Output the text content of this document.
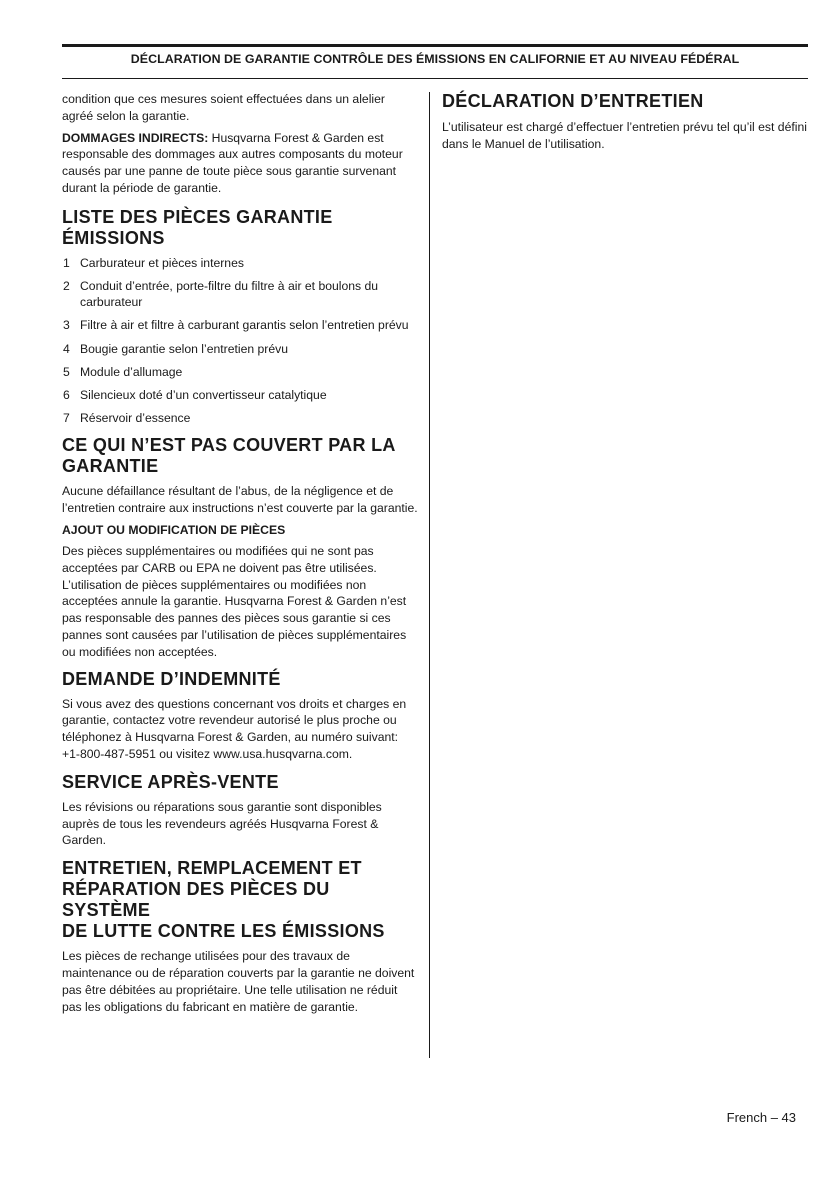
DÉCLARATION DE GARANTIE CONTRÔLE DES ÉMISSIONS EN CALIFORNIE ET AU NIVEAU FÉDÉRAL

condition que ces mesures soient effectuées dans un alelier agréé selon la garantie.

DOMMAGES INDIRECTS: Husqvarna Forest & Garden est responsable des dommages aux autres composants du moteur causés par une panne de toute pièce sous garantie survenant durant la période de garantie.

LISTE DES PIÈCES GARANTIE
ÉMISSIONS
1 Carburateur et pièces internes
2 Conduit d’entrée, porte-filtre du filtre à air et boulons du carburateur
3 Filtre à air et filtre à carburant garantis selon l’entretien prévu
4 Bougie garantie selon l’entretien prévu
5 Module d’allumage
6 Silencieux doté d’un convertisseur catalytique
7 Réservoir d’essence
CE QUI N’EST PAS COUVERT PAR LA
GARANTIE

Aucune défaillance résultant de l’abus, de la négligence et de l’entretien contraire aux instructions n’est couverte par la garantie.

AJOUT OU MODIFICATION DE PIÈCES

Des pièces supplémentaires ou modifiées qui ne sont pas acceptées par CARB ou EPA ne doivent pas être utilisées. L’utilisation de pièces supplémentaires ou modifiées non acceptées annule la garantie. Husqvarna Forest & Garden n’est pas responsable des pannes des pièces sous garantie si ces pannes sont causées par l’utilisation de pièces supplémentaires ou modifiées non acceptées.

DEMANDE D’INDEMNITÉ

Si vous avez des questions concernant vos droits et charges en garantie, contactez votre revendeur autorisé le plus proche ou téléphonez à Husqvarna Forest & Garden, au numéro suivant: +1-800-487-5951 ou visitez www.usa.husqvarna.com.

SERVICE APRÈS-VENTE

Les révisions ou réparations sous garantie sont disponibles auprès de tous les revendeurs agréés Husqvarna Forest & Garden.

ENTRETIEN, REMPLACEMENT ET
RÉPARATION DES PIÈCES DU SYSTÈME
DE LUTTE CONTRE LES ÉMISSIONS

Les pièces de rechange utilisées pour des travaux de maintenance ou de réparation couverts par la garantie ne doivent pas être débitées au propriétaire. Une telle utilisation ne réduit pas les obligations du fabricant en matière de garantie.

DÉCLARATION D’ENTRETIEN

L’utilisateur est chargé d’effectuer l’entretien prévu tel qu’il est défini dans le Manuel de l’utilisation.

French – 43
